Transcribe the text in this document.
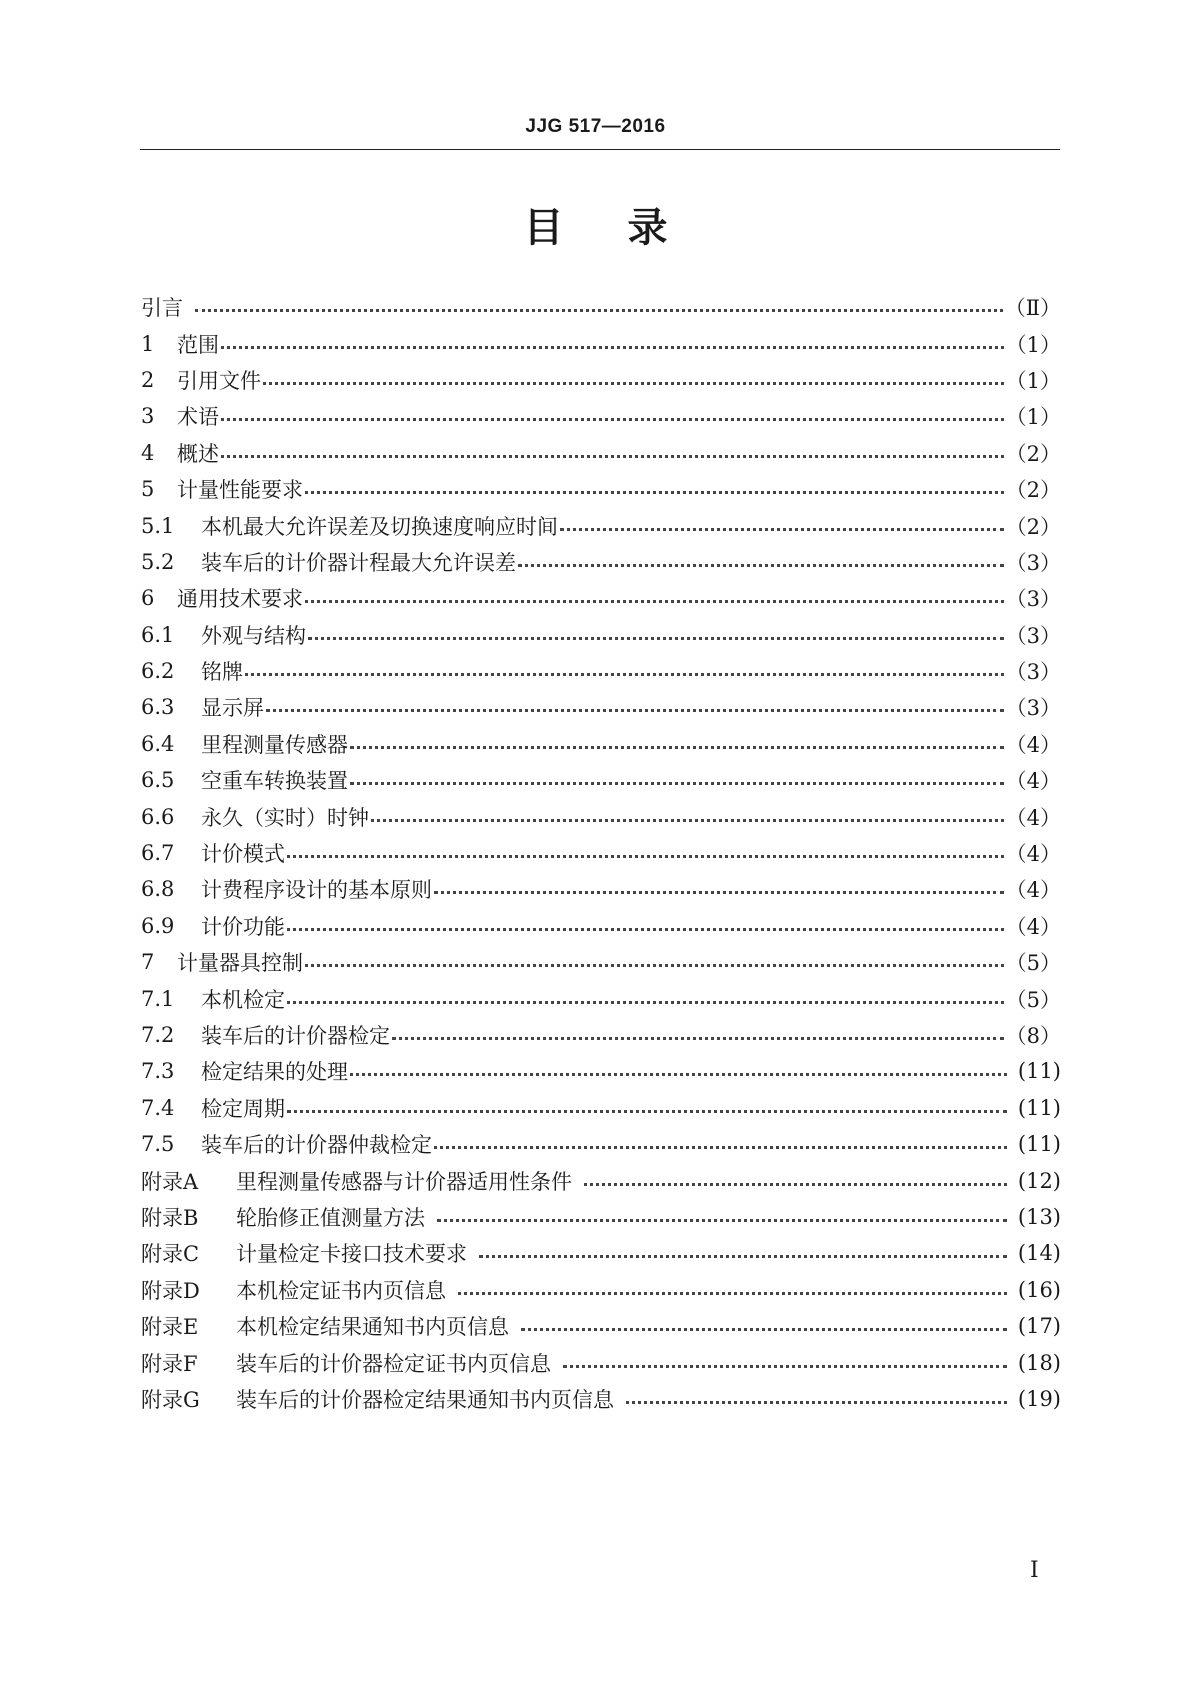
JJG 517—2016
目 录
引言	（Ⅱ）
1	范围	（1）
2	引用文件	（1）
3	术语	（1）
4	概述	（2）
5	计量性能要求	（2）
5.1	本机最大允许误差及切换速度响应时间	（2）
5.2	装车后的计价器计程最大允许误差	（3）
6	通用技术要求	（3）
6.1	外观与结构	（3）
6.2	铭牌	（3）
6.3	显示屏	（3）
6.4	里程测量传感器	（4）
6.5	空重车转换装置	（4）
6.6	永久（实时）时钟	（4）
6.7	计价模式	（4）
6.8	计费程序设计的基本原则	（4）
6.9	计价功能	（4）
7	计量器具控制	（5）
7.1	本机检定	（5）
7.2	装车后的计价器检定	（8）
7.3	检定结果的处理	(11)
7.4	检定周期	(11)
7.5	装车后的计价器仲裁检定	(11)
附录A	里程测量传感器与计价器适用性条件	(12)
附录B	轮胎修正值测量方法	(13)
附录C	计量检定卡接口技术要求	(14)
附录D	本机检定证书内页信息	(16)
附录E	本机检定结果通知书内页信息	(17)
附录F	装车后的计价器检定证书内页信息	(18)
附录G	装车后的计价器检定结果通知书内页信息	(19)
I
